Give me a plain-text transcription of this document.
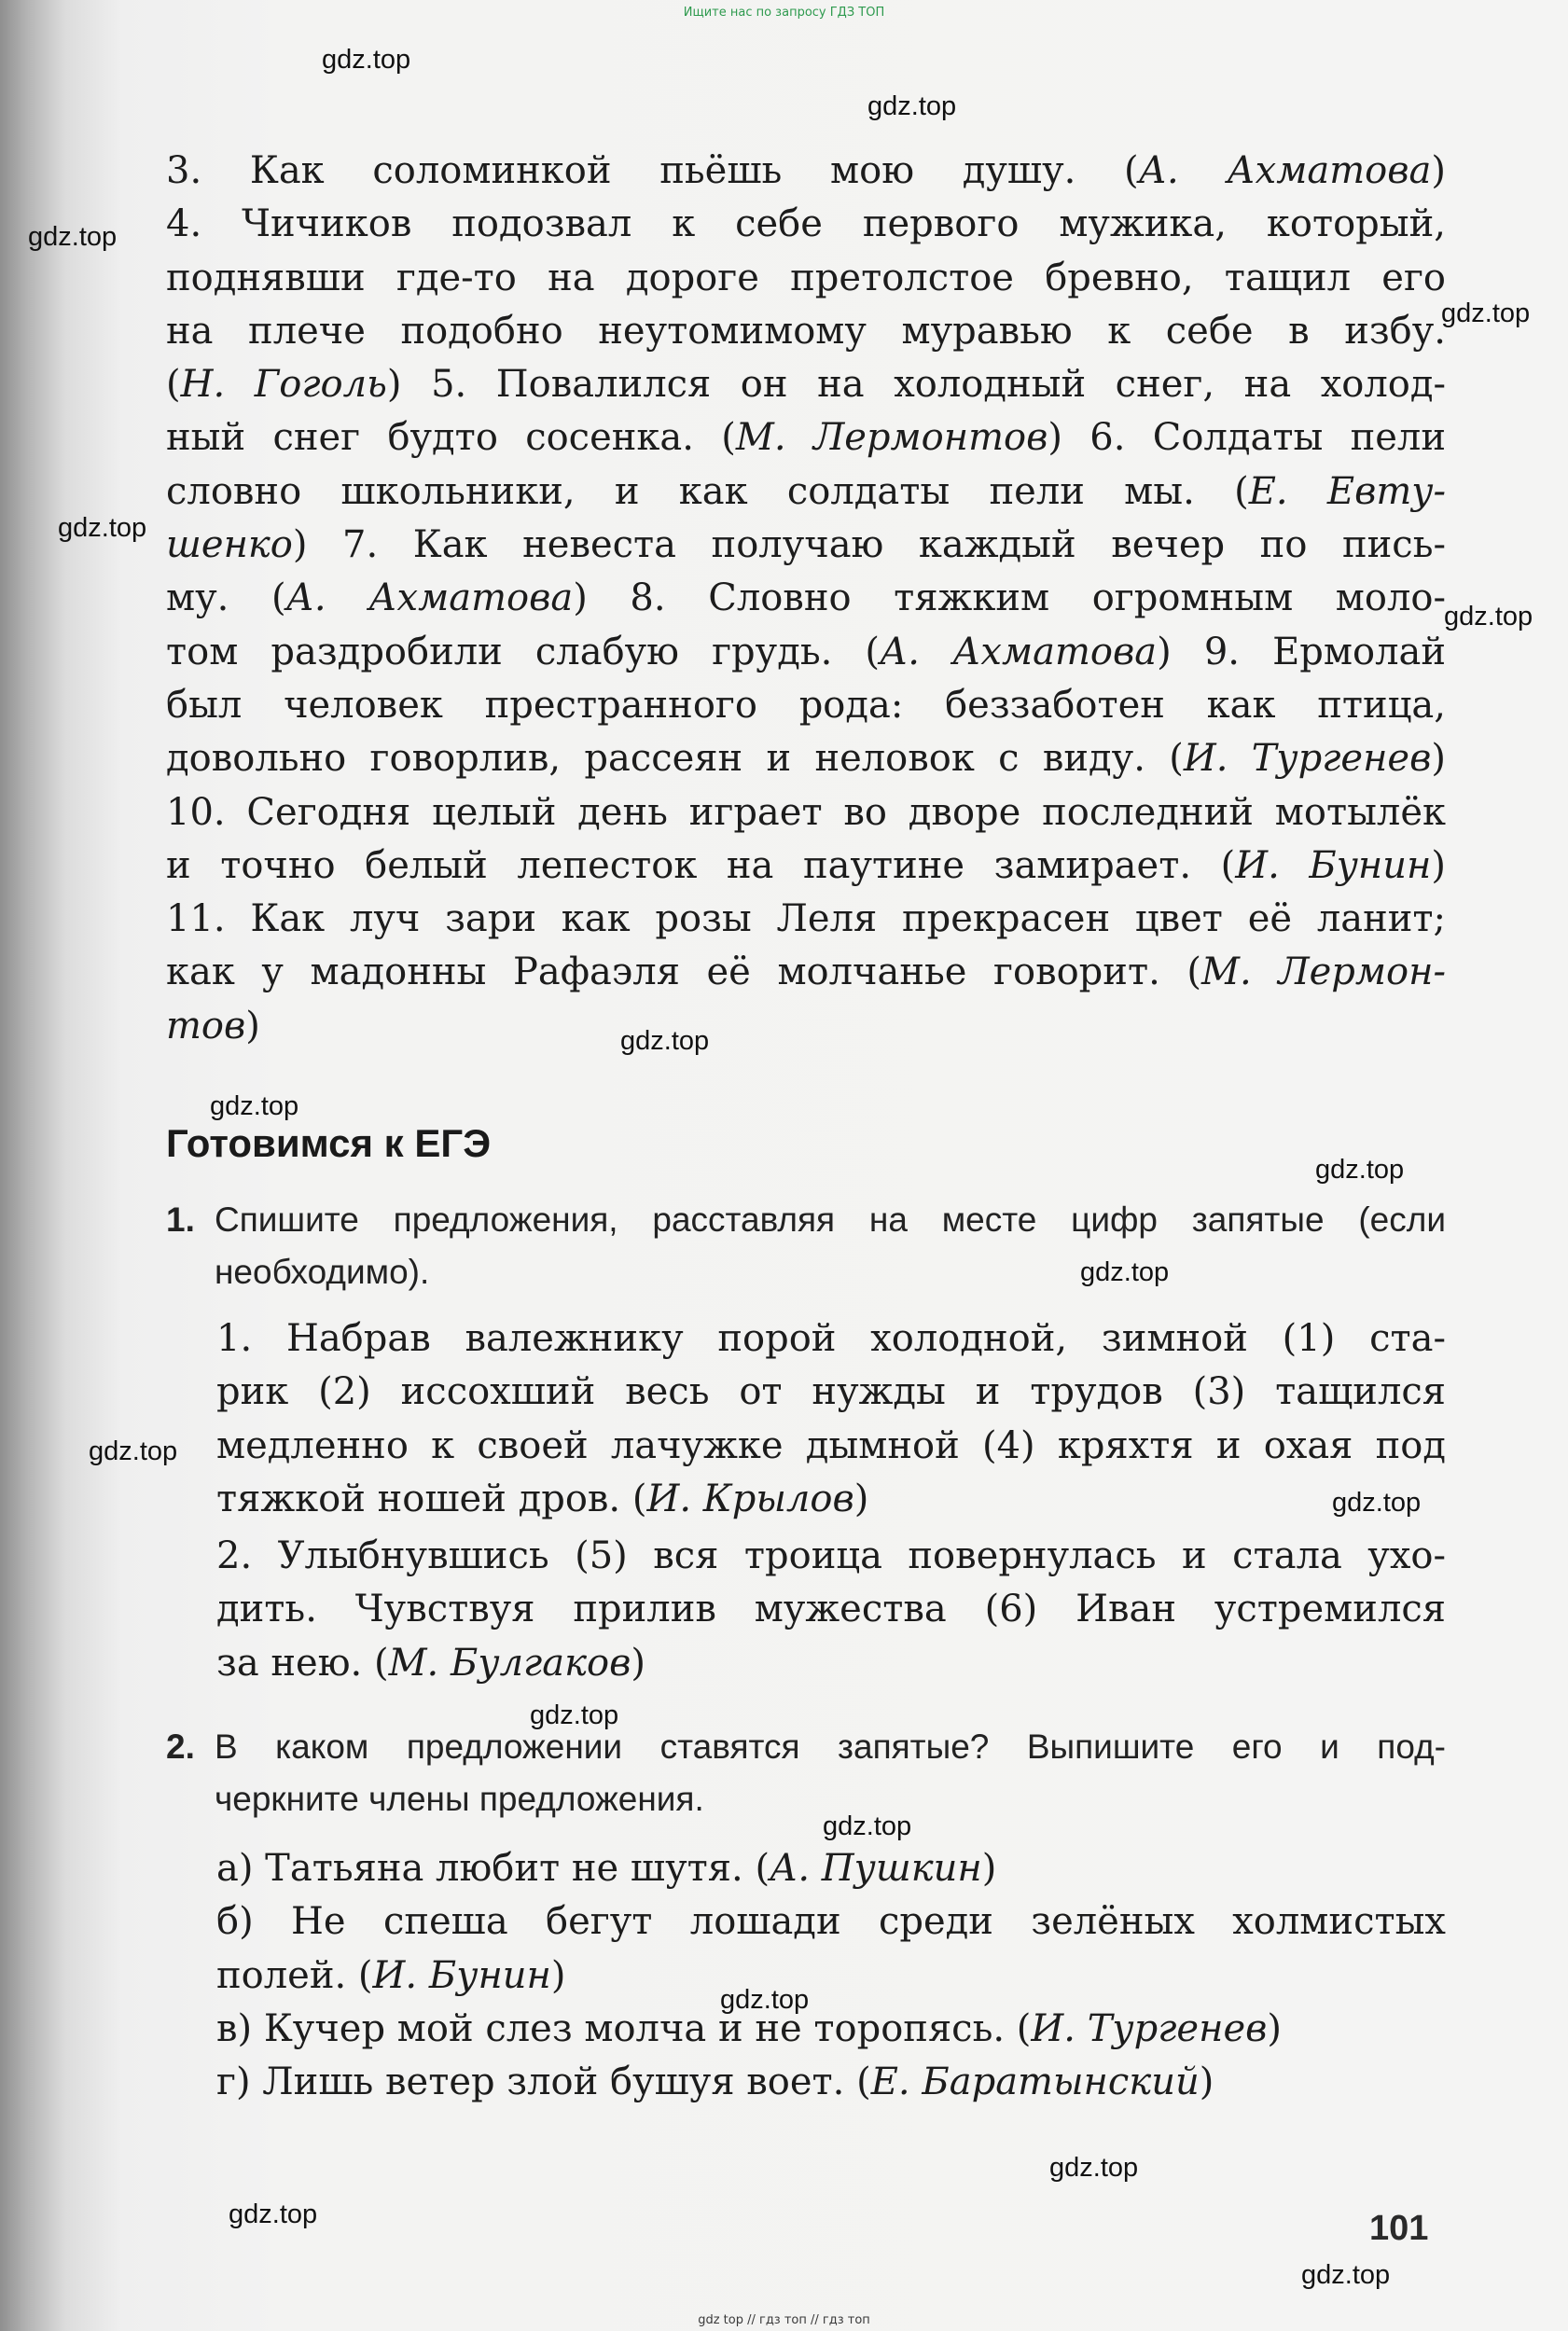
Ищите нас по запросу ГДЗ ТОП
gdz.top
gdz.top
gdz.top
gdz.top
gdz.top
gdz.top
gdz.top
gdz.top
gdz.top
gdz.top
gdz.top
gdz.top
gdz.top
gdz.top
gdz.top
gdz.top
gdz.top
gdz.top
3. Как соломинкой пьёшь мою душу. (А. Ахматова)
4. Чичиков подозвал к себе первого мужика, который,
поднявши где-то на дороге претолстое бревно, тащил его
на плече подобно неутомимому муравью к себе в избу.
(Н. Гоголь) 5. Повалился он на холодный снег, на холод-
ный снег будто сосенка. (М. Лермонтов) 6. Солдаты пели
словно школьники, и как солдаты пели мы. (Е. Евту-
шенко) 7. Как невеста получаю каждый вечер по пись-
му. (А. Ахматова) 8. Словно тяжким огромным моло-
том раздробили слабую грудь. (А. Ахматова) 9. Ермолай
был человек престранного рода: беззаботен как птица,
довольно говорлив, рассеян и неловок с виду. (И. Тургенев)
10. Сегодня целый день играет во дворе последний мотылёк
и точно белый лепесток на паутине замирает. (И. Бунин)
11. Как луч зари как розы Леля прекрасен цвет её ланит;
как у мадонны Рафаэля её молчанье говорит. (М. Лермон-
тов)
Готовимся к ЕГЭ
1. Спишите предложения, расставляя на месте цифр запятые (если
необходимо).
1. Набрав валежнику порой холодной, зимной (1) ста-
рик (2) иссохший весь от нужды и трудов (3) тащился
медленно к своей лачужке дымной (4) кряхтя и охая под
тяжкой ношей дров. (И. Крылов)
2. Улыбнувшись (5) вся троица повернулась и стала ухо-
дить. Чувствуя прилив мужества (6) Иван устремился
за нею. (М. Булгаков)
2. В каком предложении ставятся запятые? Выпишите его и под-
черкните члены предложения.
а) Татьяна любит не шутя. (А. Пушкин)
б) Не спеша бегут лошади среди зелёных холмистых
полей. (И. Бунин)
в) Кучер мой слез молча и не торопясь. (И. Тургенев)
г) Лишь ветер злой бушуя воет. (Е. Баратынский)
101
gdz top // гдз топ // гдз топ
